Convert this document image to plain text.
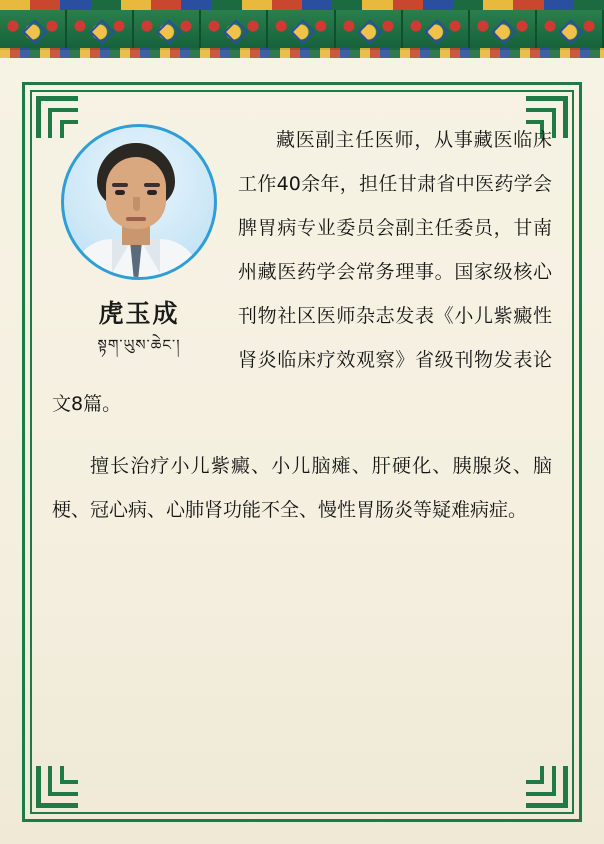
虎玉成
སྟག་ཡུས་ཆེང་།

藏医副主任医师，从事藏医临床工作40余年，担任甘肃省中医药学会脾胃病专业委员会副主任委员，甘南州藏医药学会常务理事。国家级核心刊物社区医师杂志发表《小儿紫癜性肾炎临床疗效观察》省级刊物发表论文8篇。

擅长治疗小儿紫癜、小儿脑瘫、肝硬化、胰腺炎、脑梗、冠心病、心肺肾功能不全、慢性胃肠炎等疑难病症。
